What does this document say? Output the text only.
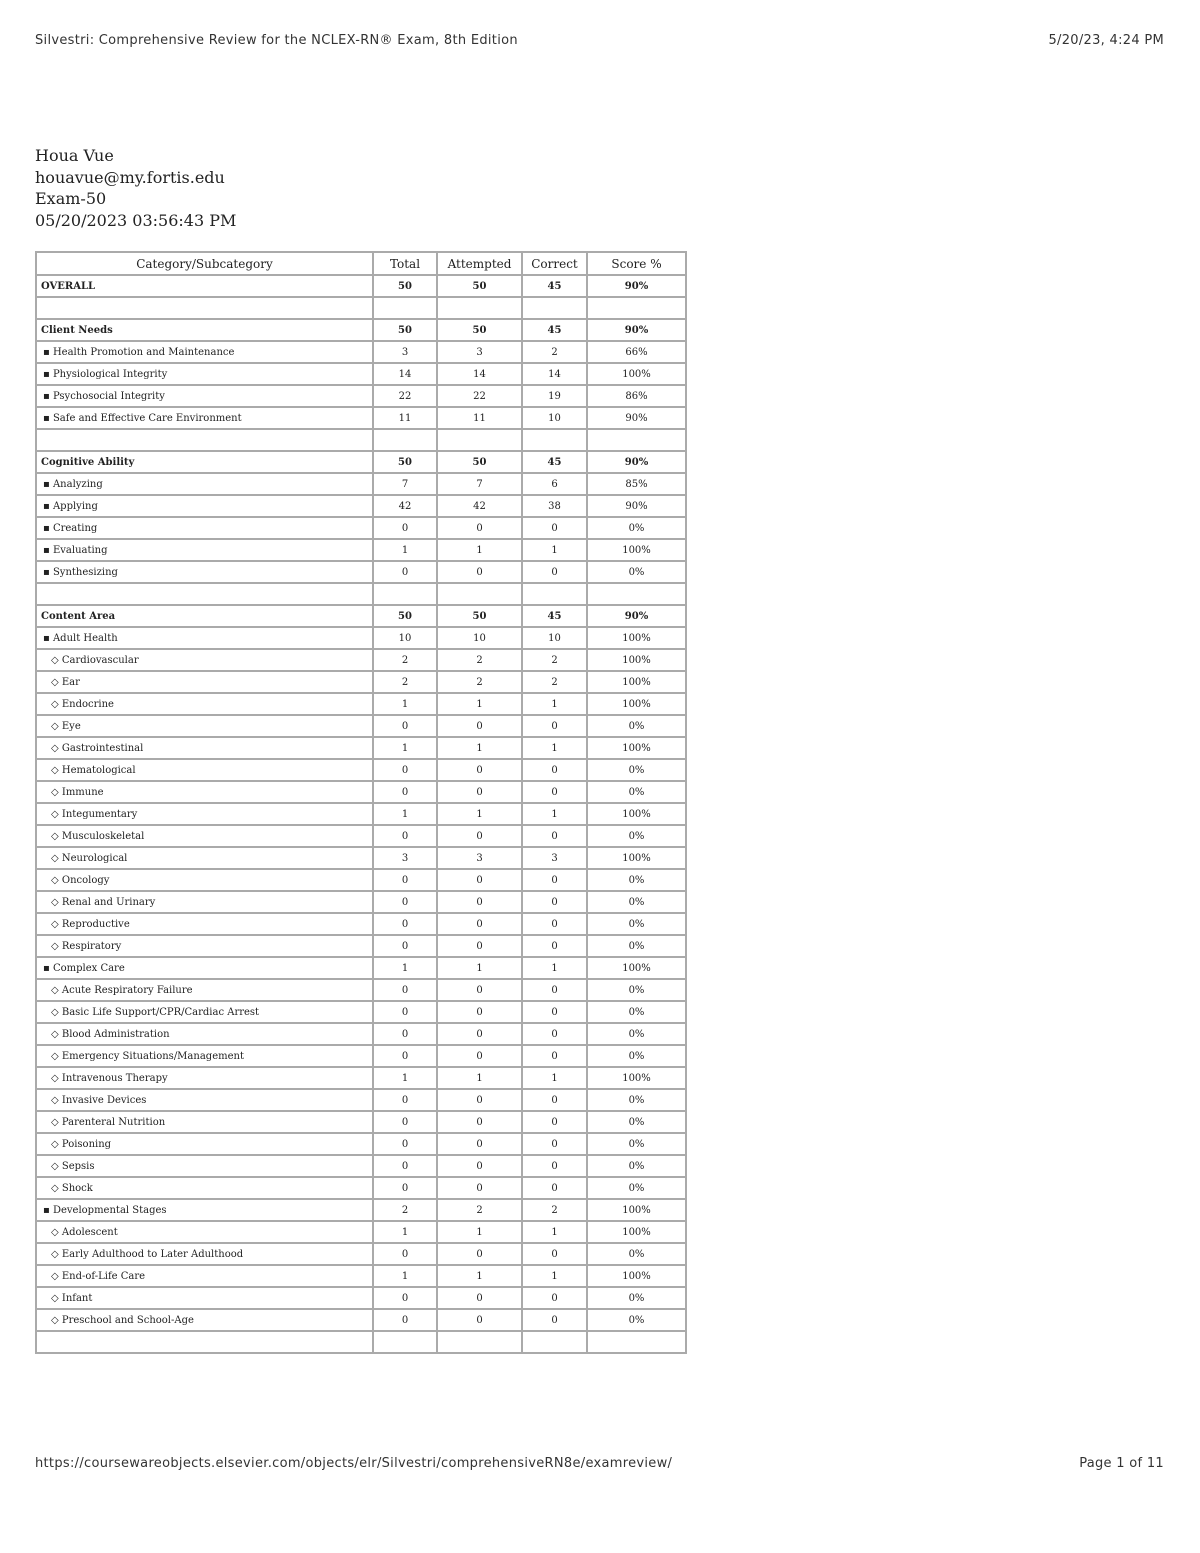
Silvestri: Comprehensive Review for the NCLEX-RN® Exam, 8th Edition	5/20/23, 4:24 PM
Houa Vue
houavue@my.fortis.edu
Exam-50
05/20/2023 03:56:43 PM
Category/Subcategory	Total	Attempted	Correct	Score %
OVERALL	50	50	45	90%

Client Needs	50	50	45	90%
▪ Health Promotion and Maintenance	3	3	2	66%
▪ Physiological Integrity	14	14	14	100%
▪ Psychosocial Integrity	22	22	19	86%
▪ Safe and Effective Care Environment	11	11	10	90%

Cognitive Ability	50	50	45	90%
▪ Analyzing	7	7	6	85%
▪ Applying	42	42	38	90%
▪ Creating	0	0	0	0%
▪ Evaluating	1	1	1	100%
▪ Synthesizing	0	0	0	0%

Content Area	50	50	45	90%
▪ Adult Health	10	10	10	100%
◇ Cardiovascular	2	2	2	100%
◇ Ear	2	2	2	100%
◇ Endocrine	1	1	1	100%
◇ Eye	0	0	0	0%
◇ Gastrointestinal	1	1	1	100%
◇ Hematological	0	0	0	0%
◇ Immune	0	0	0	0%
◇ Integumentary	1	1	1	100%
◇ Musculoskeletal	0	0	0	0%
◇ Neurological	3	3	3	100%
◇ Oncology	0	0	0	0%
◇ Renal and Urinary	0	0	0	0%
◇ Reproductive	0	0	0	0%
◇ Respiratory	0	0	0	0%
▪ Complex Care	1	1	1	100%
◇ Acute Respiratory Failure	0	0	0	0%
◇ Basic Life Support/CPR/Cardiac Arrest	0	0	0	0%
◇ Blood Administration	0	0	0	0%
◇ Emergency Situations/Management	0	0	0	0%
◇ Intravenous Therapy	1	1	1	100%
◇ Invasive Devices	0	0	0	0%
◇ Parenteral Nutrition	0	0	0	0%
◇ Poisoning	0	0	0	0%
◇ Sepsis	0	0	0	0%
◇ Shock	0	0	0	0%
▪ Developmental Stages	2	2	2	100%
◇ Adolescent	1	1	1	100%
◇ Early Adulthood to Later Adulthood	0	0	0	0%
◇ End-of-Life Care	1	1	1	100%
◇ Infant	0	0	0	0%
◇ Preschool and School-Age	0	0	0	0%

https://coursewareobjects.elsevier.com/objects/elr/Silvestri/comprehensiveRN8e/examreview/	Page 1 of 11
